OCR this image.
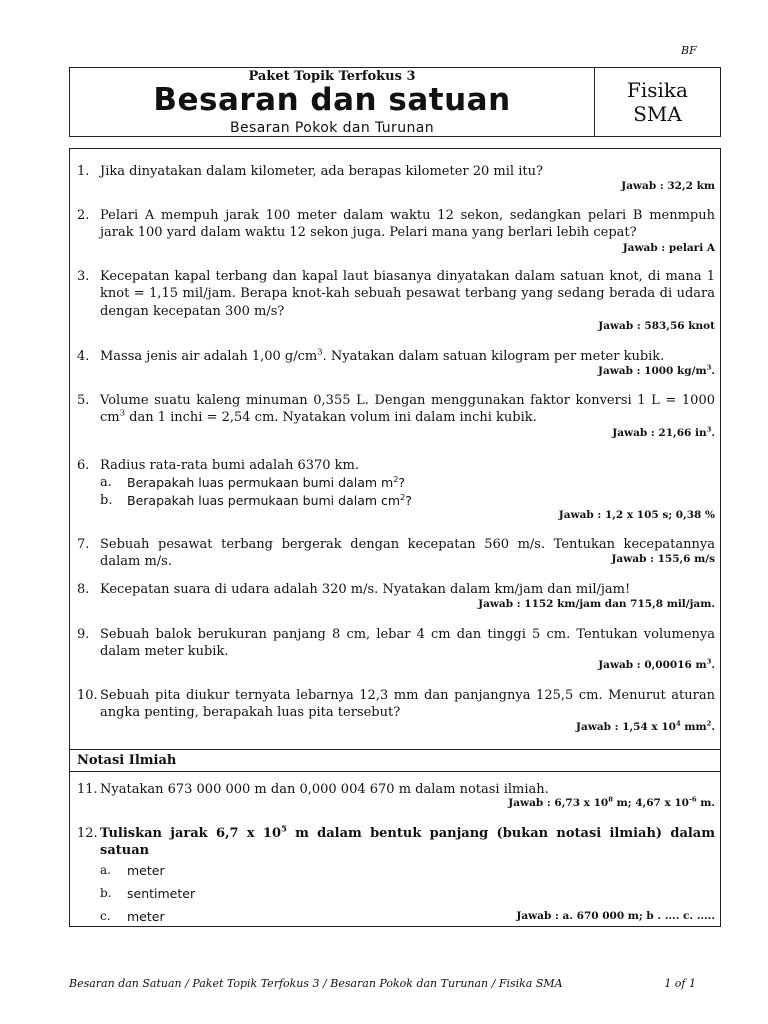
BF
Paket Topik Terfokus 3
Besaran dan satuan
Besaran Pokok dan Turunan
Fisika
SMA
1. Jika dinyatakan dalam kilometer, ada berapas kilometer 20 mil itu?
Jawab : 32,2 km
2. Pelari A mempuh jarak 100 meter dalam waktu 12 sekon, sedangkan pelari B menmpuh jarak 100 yard dalam waktu 12 sekon juga. Pelari mana yang berlari lebih cepat?
Jawab : pelari A
3. Kecepatan kapal terbang dan kapal laut biasanya dinyatakan dalam satuan knot, di mana 1 knot = 1,15 mil/jam. Berapa knot-kah sebuah pesawat terbang yang sedang berada di udara dengan kecepatan 300 m/s?
Jawab : 583,56 knot
4. Massa jenis air adalah 1,00 $g/cm^3$. Nyatakan dalam satuan kilogram per meter kubik.
Jawab : 1000 $kg/m^3$.
5. Volume suatu kaleng minuman 0,355 L. Dengan menggunakan faktor konversi 1 L = 1000 $cm^3$ dan 1 inchi = 2,54 cm. Nyatakan volum ini dalam inchi kubik.
Jawab : 21,66 $in^3$.
6. Radius rata-rata bumi adalah 6370 km.
a. Berapakah luas permukaan bumi dalam $m^2$?
b. Berapakah luas permukaan bumi dalam $cm^2$?
Jawab : 1,2 x 105 s; 0,38 %
7. Sebuah pesawat terbang bergerak dengan kecepatan 560 m/s. Tentukan kecepatannya dalam m/s.	Jawab : 155,6 m/s
8. Kecepatan suara di udara adalah 320 m/s. Nyatakan dalam km/jam dan mil/jam!
Jawab : 1152 km/jam dan 715,8 mil/jam.
9. Sebuah balok berukuran panjang 8 cm, lebar 4 cm dan tinggi 5 cm. Tentukan volumenya dalam meter kubik.
Jawab : 0,00016 $m^3$.
10. Sebuah pita diukur ternyata lebarnya 12,3 mm dan panjangnya 125,5 cm. Menurut aturan angka penting, berapakah luas pita tersebut?
Jawab : 1,54 x $10^4$ $mm^2$.
Notasi Ilmiah
11. Nyatakan 673 000 000 m dan 0,000 004 670 m dalam notasi ilmiah.
Jawab : 6,73 x $10^8$ m; 4,67 x $10^{-6}$ m.
12. Tuliskan jarak 6,7 x $10^5$ m dalam bentuk panjang (bukan notasi ilmiah) dalam satuan
a. meter
b. sentimeter
c. meter	Jawab : a. 670 000 m; b . .... c. .....
Besaran dan Satuan / Paket Topik Terfokus 3 / Besaran Pokok dan Turunan / Fisika SMA	1 of 1
